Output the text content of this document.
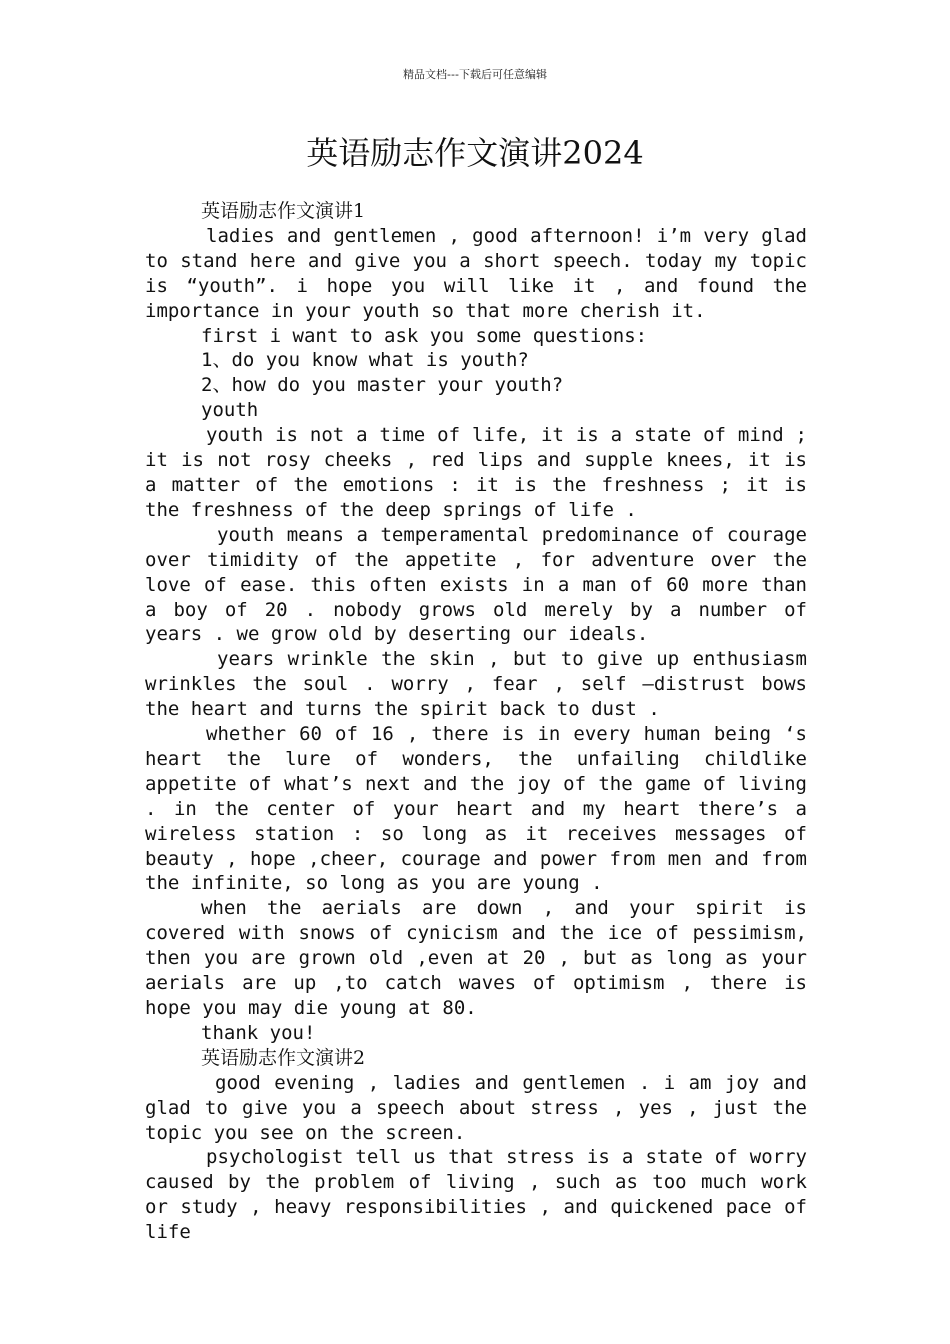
精品文档---下载后可任意编辑
英语励志作文演讲2024

英语励志作文演讲1

ladies and gentlemen , good afternoon! i’m very glad to stand here and give you a short speech. today my topic is “youth”. i hope you will like it , and found the importance in your youth so that more cherish it.

first i want to ask you some questions:

1、do you know what is youth?

2、how do you master your youth?

youth

youth is not a time of life, it is a state of mind ; it is not rosy cheeks , red lips and supple knees, it is a matter of the emotions : it is the freshness ; it is the freshness of the deep springs of life .

youth means a temperamental predominance of courage over timidity of the appetite , for adventure over the love of ease. this often exists in a man of 60 more than a boy of 20 . nobody grows old merely by a number of years . we grow old by deserting our ideals.

years wrinkle the skin , but to give up enthusiasm wrinkles the soul . worry , fear , self –distrust bows the heart and turns the spirit back to dust .

whether 60 of 16 , there is in every human being ‘s heart the lure of wonders, the unfailing childlike appetite of what’s next and the joy of the game of living . in the center of your heart and my heart there’s a wireless station : so long as it receives messages of beauty , hope ,cheer, courage and power from men and from the infinite, so long as you are young .

when the aerials are down , and your spirit is covered with snows of cynicism and the ice of pessimism, then you are grown old ,even at 20 , but as long as your aerials are up ,to catch waves of optimism , there is hope you may die young at 80.

thank you!

英语励志作文演讲2

good evening , ladies and gentlemen . i am joy and glad to give you a speech about stress , yes , just the topic you see on the screen.

psychologist tell us that stress is a state of worry caused by the problem of living , such as too much work or study , heavy responsibilities , and quickened pace of life
